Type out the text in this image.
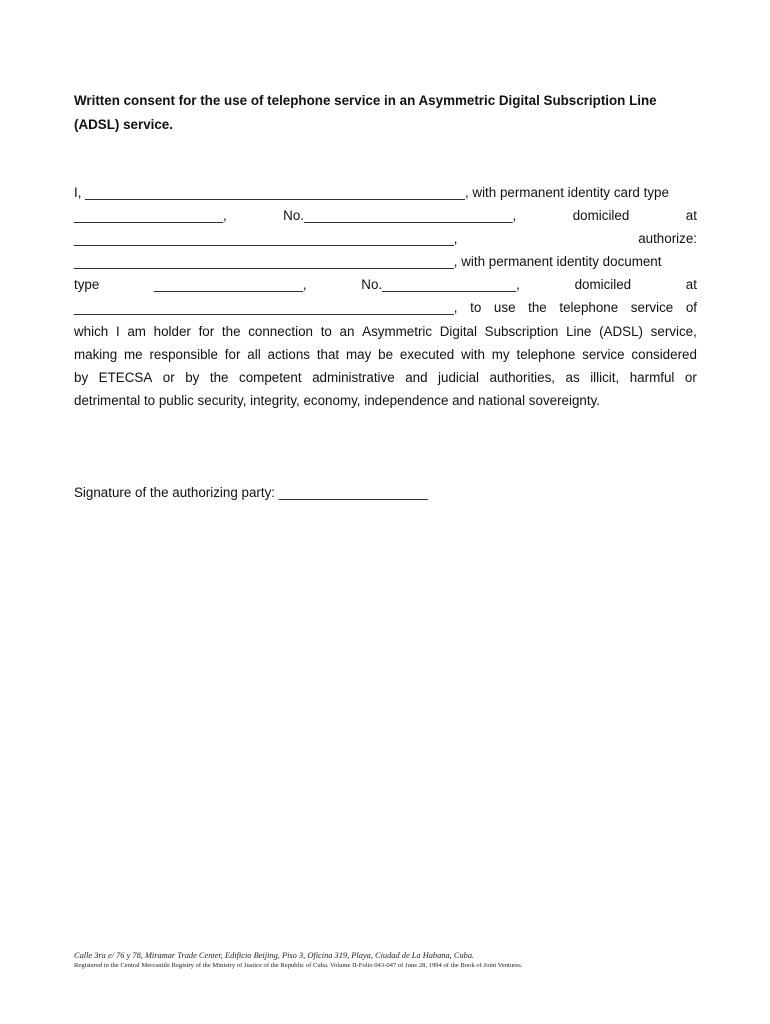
Written consent for the use of telephone service in an Asymmetric Digital Subscription Line (ADSL) service.

I, ___________________________________________________, with permanent identity card type
____________________,	No.____________________________,	domiciled	at
___________________________________________________,	authorize:
___________________________________________________, with permanent identity document
type	____________________,	No.__________________,	domiciled	at
___________________________________________________, to use the telephone service of
which I am holder for the connection to an Asymmetric Digital Subscription Line (ADSL) service,
making me responsible for all actions that may be executed with my telephone service considered
by ETECSA or by the competent administrative and judicial authorities, as illicit, harmful or
detrimental to public security, integrity, economy, independence and national sovereignty.

Signature of the authorizing party: ____________________

Calle 3ra e/ 76 y 78, Miramar Trade Center, Edificio Beijing, Piso 3, Oficina 319, Playa, Ciudad de La Habana, Cuba.
Registered in the Central Mercantile Registry of the Ministry of Justice of the Republic of Cuba. Volume II-Folio 043-047 of June 28, 1994 of the Book of Joint Ventures.
